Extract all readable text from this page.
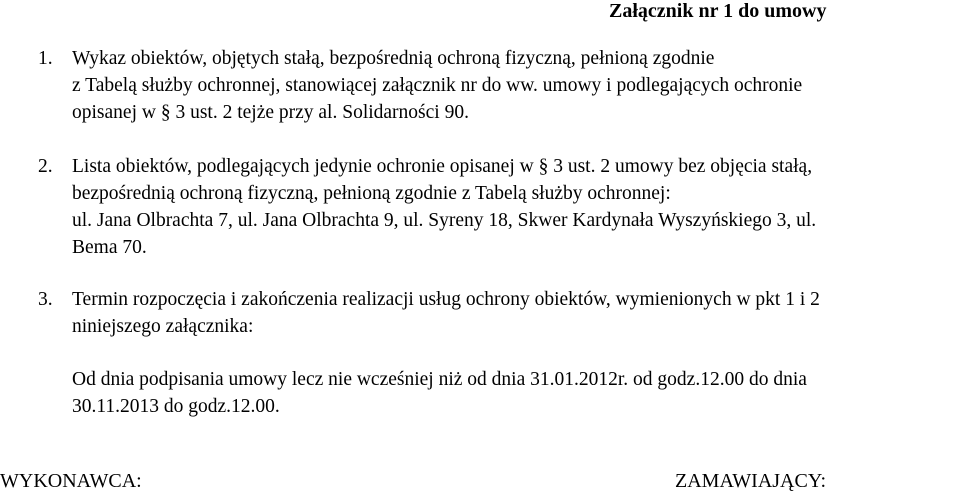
Załącznik nr 1 do umowy
1. Wykaz obiektów, objętych stałą, bezpośrednią ochroną fizyczną, pełnioną zgodnie
z Tabelą służby ochronnej, stanowiącej załącznik nr do ww. umowy i podlegających ochronie
opisanej w § 3 ust. 2 tejże przy al. Solidarności 90.
2. Lista obiektów, podlegających jedynie ochronie opisanej w § 3 ust. 2 umowy bez objęcia stałą,
bezpośrednią ochroną fizyczną, pełnioną zgodnie z Tabelą służby ochronnej:
ul. Jana Olbrachta 7, ul. Jana Olbrachta 9, ul. Syreny 18, Skwer Kardynała Wyszyńskiego 3, ul.
Bema 70.
3. Termin rozpoczęcia i zakończenia realizacji usług ochrony obiektów, wymienionych w pkt 1 i 2
niniejszego załącznika:
Od dnia podpisania umowy lecz nie wcześniej niż od dnia 31.01.2012r. od godz.12.00 do dnia
30.11.2013 do godz.12.00.
WYKONAWCA:	ZAMAWIAJĄCY:
